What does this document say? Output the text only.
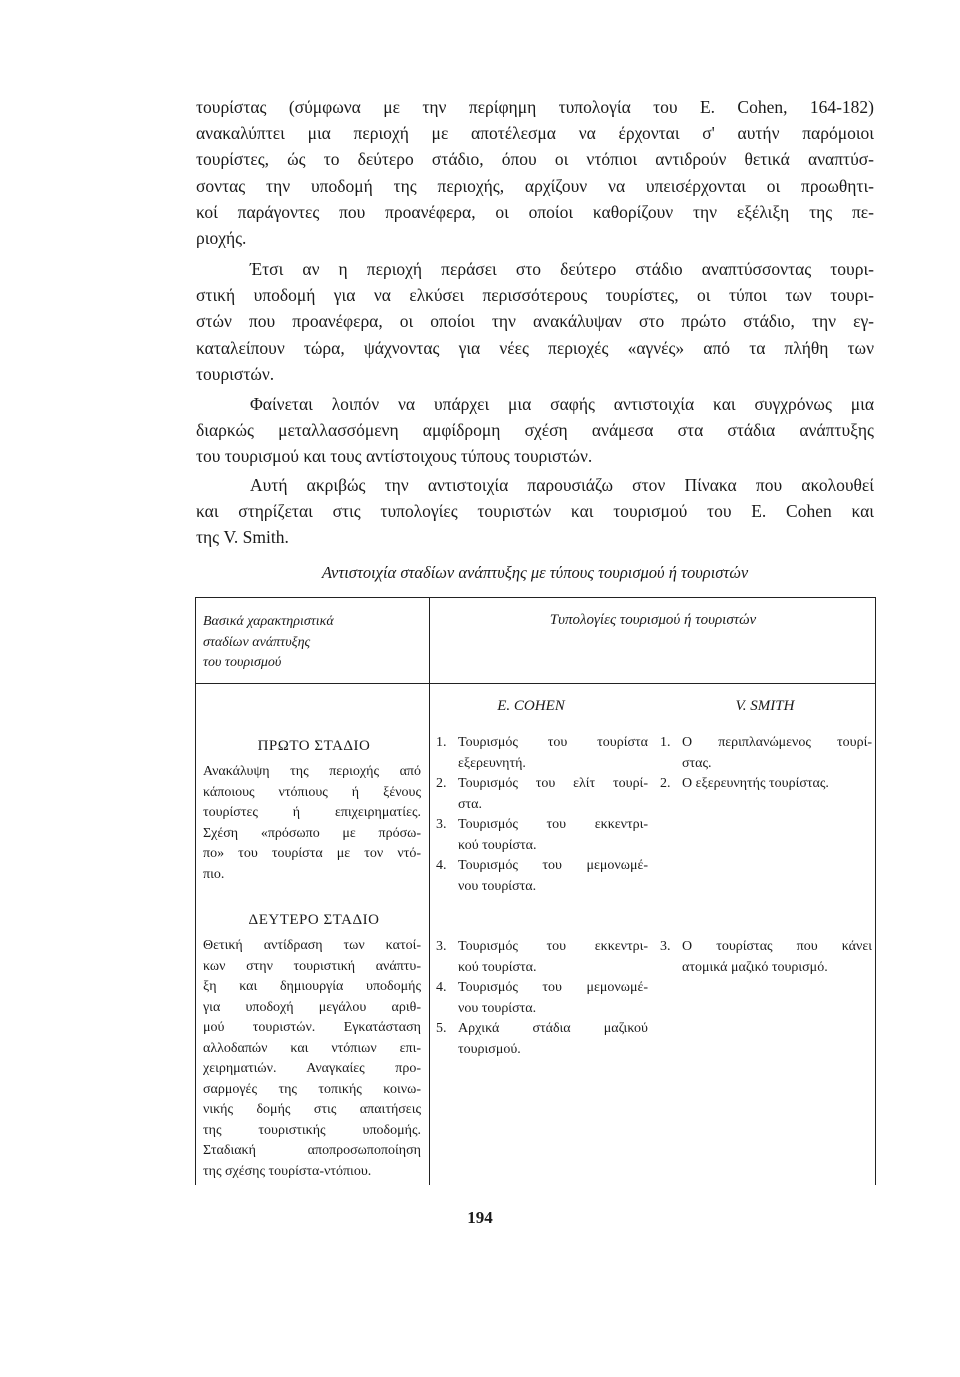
τουρίστας (σύμφωνα με την περίφημη τυπολογία του Ε. Cohen, 164-182)
ανακαλύπτει μια περιοχή με αποτέλεσμα να έρχονται σ' αυτήν παρόμοιοι
τουρίστες, ώς το δεύτερο στάδιο, όπου οι ντόπιοι αντιδρούν θετικά αναπτύσ-
σοντας την υποδομή της περιοχής, αρχίζουν να υπεισέρχονται οι προωθητι-
κοί παράγοντες που προανέφερα, οι οποίοι καθορίζουν την εξέλιξη της πε-
ριοχής.

Έτσι αν η περιοχή περάσει στο δεύτερο στάδιο αναπτύσσοντας τουρι-
στική υποδομή για να ελκύσει περισσότερους τουρίστες, οι τύποι των τουρι-
στών που προανέφερα, οι οποίοι την ανακάλυψαν στο πρώτο στάδιο, την εγ-
καταλείπουν τώρα, ψάχνοντας για νέες περιοχές «αγνές» από τα πλήθη των
τουριστών.

Φαίνεται λοιπόν να υπάρχει μια σαφής αντιστοιχία και συγχρόνως μια
διαρκώς μεταλλασσόμενη αμφίδρομη σχέση ανάμεσα στα στάδια ανάπτυξης
του τουρισμού και τους αντίστοιχους τύπους τουριστών.

Αυτή ακριβώς την αντιστοιχία παρουσιάζω στον Πίνακα που ακολουθεί
και στηρίζεται στις τυπολογίες τουριστών και τουρισμού του Ε. Cohen και
της V. Smith.

Αντιστοιχία σταδίων ανάπτυξης με τύπους τουρισμού ή τουριστών

Βασικά χαρακτηριστικά
σταδίων ανάπτυξης
του τουρισμού
Τυπολογίες τουρισμού ή τουριστών
E. COHEN	V. SMITH
ΠΡΩΤΟ ΣΤΑΔΙΟ
Ανακάλυψη της περιοχής από
κάποιους ντόπιους ή ξένους
τουρίστες ή επιχειρηματίες.
Σχέση «πρόσωπο με πρόσω-
πο» του τουρίστα με τον ντό-
πιο.
1. Τουρισμός του τουρίστα
εξερευνητή.
2. Τουρισμός του ελίτ τουρί-
στα.
3. Τουρισμός του εκκεντρι-
κού τουρίστα.
4. Τουρισμός του μεμονωμέ-
νου τουρίστα.
1. Ο περιπλανώμενος τουρί-
στας.
2. Ο εξερευνητής τουρίστας.
ΔΕΥΤΕΡΟ ΣΤΑΔΙΟ
Θετική αντίδραση των κατοί-
κων στην τουριστική ανάπτυ-
ξη και δημιουργία υποδομής
για υποδοχή μεγάλου αριθ-
μού τουριστών. Εγκατάσταση
αλλοδαπών και ντόπιων επι-
χειρηματιών. Αναγκαίες προ-
σαρμογές της τοπικής κοινω-
νικής δομής στις απαιτήσεις
της τουριστικής υποδομής.
Σταδιακή αποπροσωποποίηση
της σχέσης τουρίστα-ντόπιου.
3. Τουρισμός του εκκεντρι-
κού τουρίστα.
4. Τουρισμός του μεμονωμέ-
νου τουρίστα.
5. Αρχικά στάδια μαζικού
τουρισμού.
3. Ο τουρίστας που κάνει
ατομικά μαζικό τουρισμό.
194
